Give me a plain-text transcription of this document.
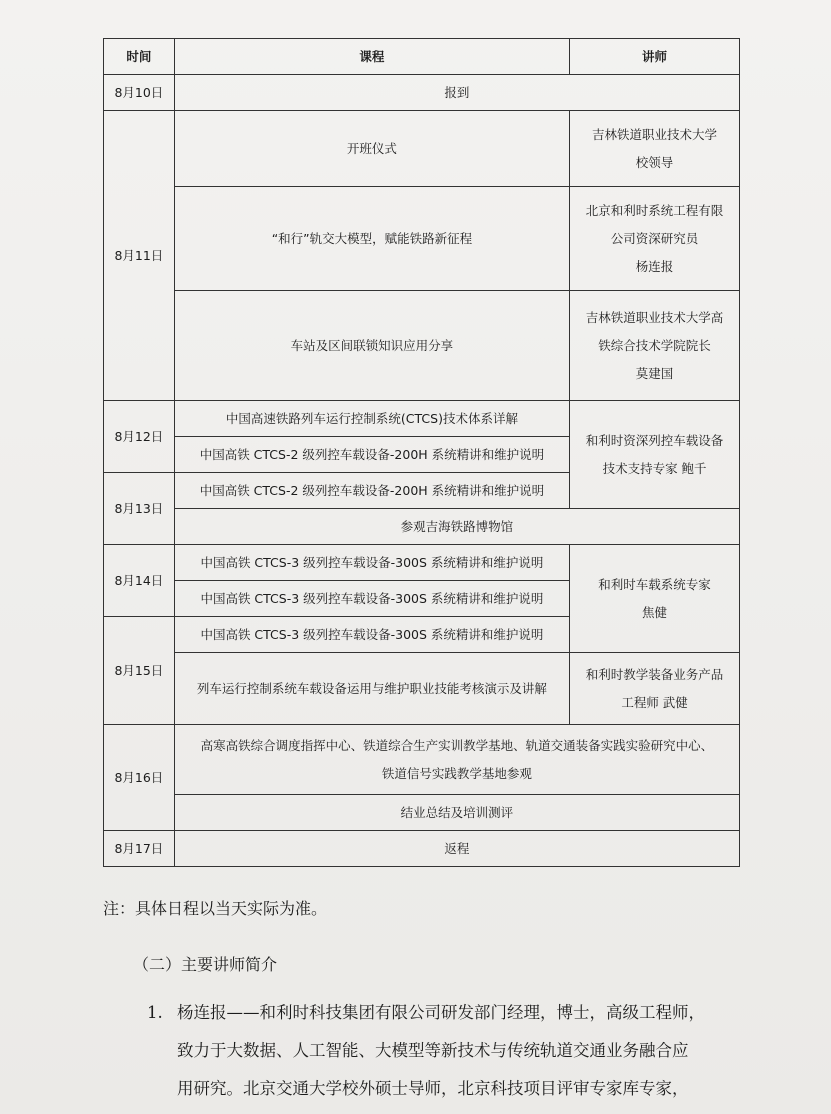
时间	课程	讲师
8月10日	报到	
8月11日	开班仪式	吉林铁道职业技术大学
校领导
	“和行”轨交大模型，赋能铁路新征程	北京和利时系统工程有限
公司资深研究员
杨连报
	车站及区间联锁知识应用分享	吉林铁道职业技术大学高
铁综合技术学院院长
莫建国
8月12日	中国高速铁路列车运行控制系统(CTCS)技术体系详解	和利时资深列控车载设备
技术支持专家 鲍千
	中国高铁 CTCS-2 级列控车载设备-200H 系统精讲和维护说明	
8月13日	中国高铁 CTCS-2 级列控车载设备-200H 系统精讲和维护说明	
	参观吉海铁路博物馆	
8月14日	中国高铁 CTCS-3 级列控车载设备-300S 系统精讲和维护说明	和利时车载系统专家
焦健
	中国高铁 CTCS-3 级列控车载设备-300S 系统精讲和维护说明	
8月15日	中国高铁 CTCS-3 级列控车载设备-300S 系统精讲和维护说明	
	列车运行控制系统车载设备运用与维护职业技能考核演示及讲解	和利时教学装备业务产品
工程师 武健
8月16日	高寒高铁综合调度指挥中心、铁道综合生产实训教学基地、轨道交通装备实践实验研究中心、
铁道信号实践教学基地参观	
	结业总结及培训测评	
8月17日	返程	
注：具体日程以当天实际为准。
（二）主要讲师简介
1. 杨连报——和利时科技集团有限公司研发部门经理，博士，高级工程师，
致力于大数据、人工智能、大模型等新技术与传统轨道交通业务融合应
用研究。北京交通大学校外硕士导师，北京科技项目评审专家库专家，
